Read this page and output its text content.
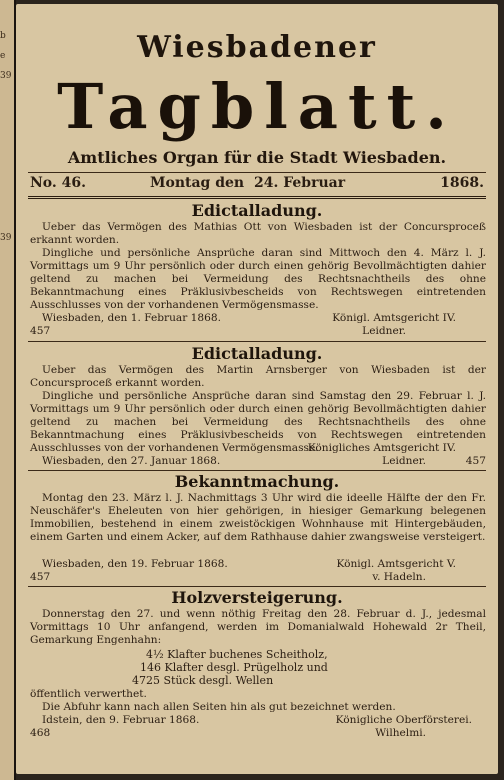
b
e
39
39
Wiesbadener
Tagblatt.
Amtliches Organ für die Stadt Wiesbaden.
No. 46.	Montag den 24. Februar	1868.
Edictalladung.
Ueber das Vermögen des Mathias Ott von Wiesbaden ist der Concursproceß erkannt worden.
Dingliche und persönliche Ansprüche daran sind Mittwoch den 4. März l. J. Vormittags um 9 Uhr persönlich oder durch einen gehörig Bevollmächtigten dahier geltend zu machen bei Vermeidung des Rechtsnachtheils des ohne Bekanntmachung eines Präklusivbescheids von Rechtswegen eintretenden Ausschlusses von der vorhandenen Vermögensmasse.
Wiesbaden, den 1. Februar 1868.	Königl. Amtsgericht IV.
457	Leidner.
Edictalladung.
Ueber das Vermögen des Martin Arnsberger von Wiesbaden ist der Concursproceß erkannt worden.
Dingliche und persönliche Ansprüche daran sind Samstag den 29. Februar l. J. Vormittags um 9 Uhr persönlich oder durch einen gehörig Bevollmächtigten dahier geltend zu machen bei Vermeidung des Rechtsnachtheils des ohne Bekanntmachung eines Präklusivbescheids von Rechtswegen eintretenden Ausschlusses von der vorhandenen Vermögensmasse.
Königliches Amtsgericht IV.
Wiesbaden, den 27. Januar 1868.	Leidner.	457
Bekanntmachung.
Montag den 23. März l. J. Nachmittags 3 Uhr wird die ideelle Hälfte der den Fr. Neuschäfer's Eheleuten von hier gehörigen, in hiesiger Gemarkung belegenen Immobilien, bestehend in einem zweistöckigen Wohnhause mit Hintergebäuden, einem Garten und einem Acker, auf dem Rathhause dahier zwangsweise versteigert.
Wiesbaden, den 19. Februar 1868.	Königl. Amtsgericht V.
457	v. Hadeln.
Holzversteigerung.
Donnerstag den 27. und wenn nöthig Freitag den 28. Februar d. J., jedesmal Vormittags 10 Uhr anfangend, werden im Domanialwald Hohewald 2r Theil, Gemarkung Engenhahn:
4½ Klafter buchenes Scheitholz,
146 Klafter desgl. Prügelholz und
4725 Stück desgl. Wellen
öffentlich verwerthet.
Die Abfuhr kann nach allen Seiten hin als gut bezeichnet werden.
Idstein, den 9. Februar 1868.	Königliche Oberförsterei.
468	Wilhelmi.
